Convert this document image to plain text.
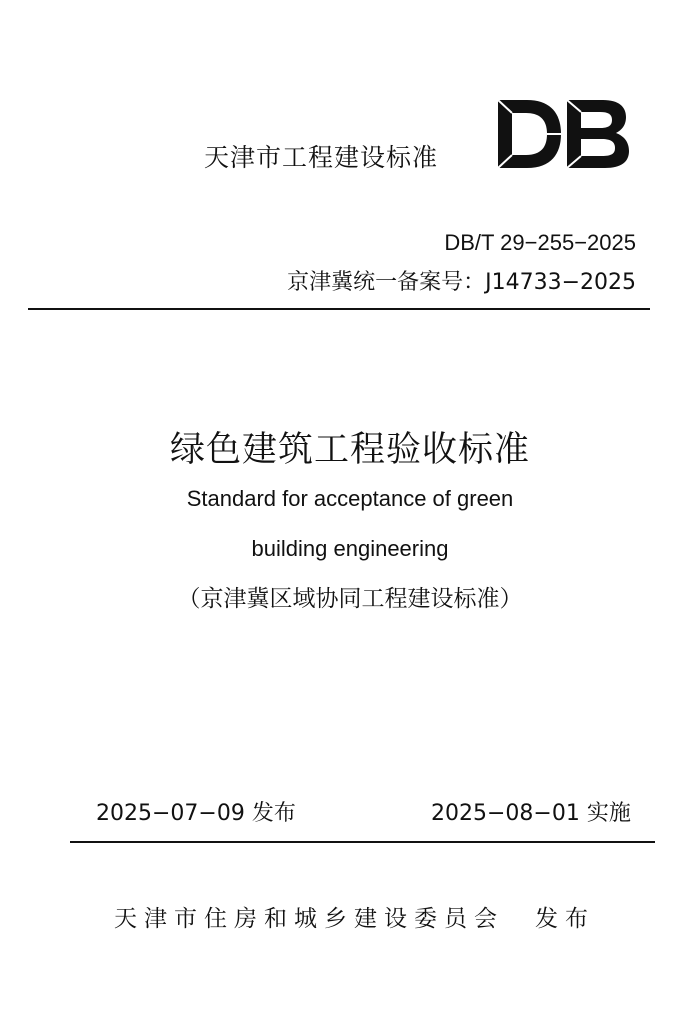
天津市工程建设标准
DB/T 29−255−2025
京津冀统一备案号：J14733−2025
绿色建筑工程验收标准
Standard for acceptance of green
building engineering
（京津冀区域协同工程建设标准）
2025−07−09 发布	2025−08−01 实施
天津市住房和城乡建设委员会 发布
